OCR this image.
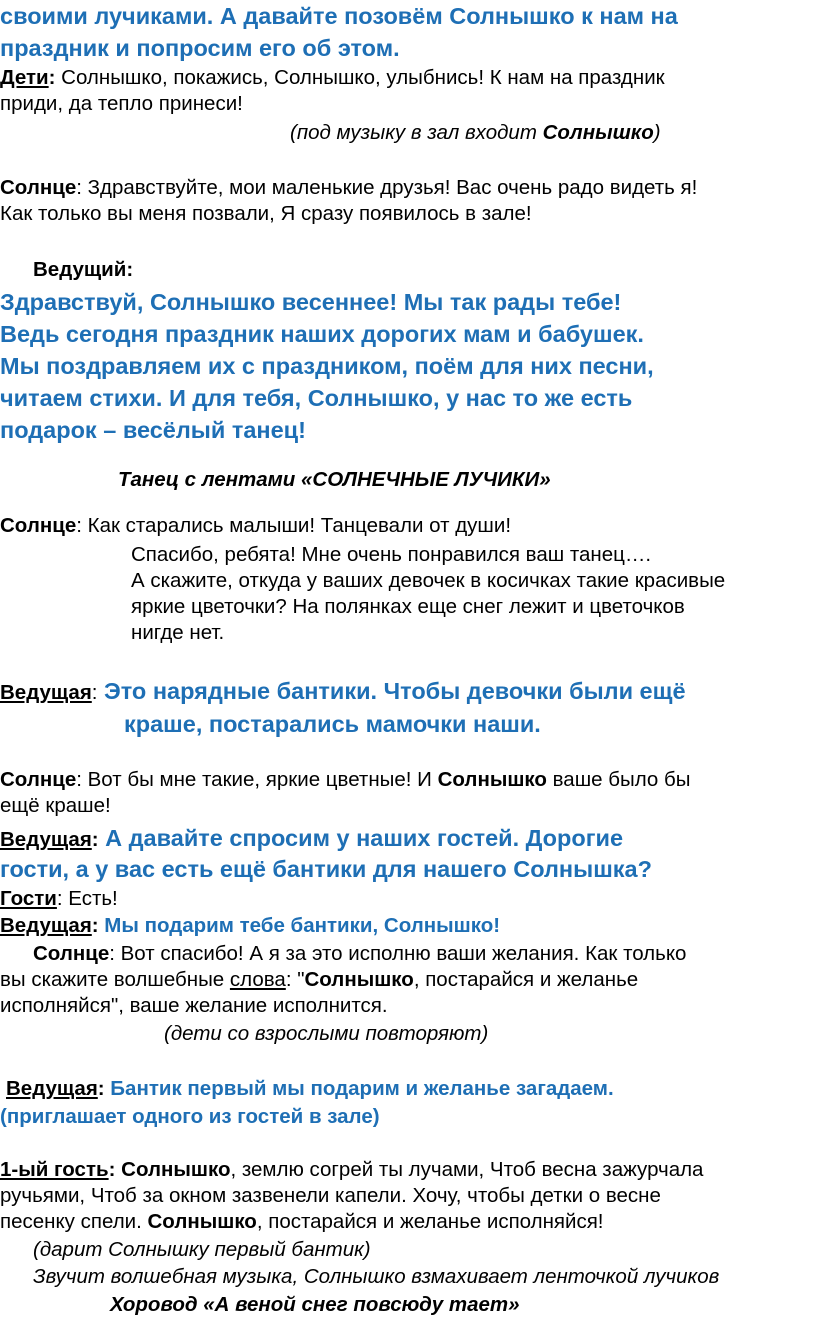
своими лучиками. А давайте позовём Солнышко к нам на
праздник и попросим его об этом.
Дети: Солнышко, покажись, Солнышко, улыбнись! К нам на праздник
приди, да тепло принеси!
(под музыку в зал входит Солнышко)
Солнце: Здравствуйте, мои маленькие друзья! Вас очень радо видеть я!
Как только вы меня позвали, Я сразу появилось в зале!
Ведущий:
Здравствуй, Солнышко весеннее! Мы так рады тебе!
Ведь сегодня праздник наших дорогих мам и бабушек.
Мы поздравляем их с праздником, поём для них песни,
читаем стихи. И для тебя, Солнышко, у нас то же есть
подарок – весёлый танец!
Танец с лентами «СОЛНЕЧНЫЕ ЛУЧИКИ»
Солнце: Как старались малыши! Танцевали от души!
Спасибо, ребята! Мне очень понравился ваш танец….
А скажите, откуда у ваших девочек в косичках такие красивые
яркие цветочки? На полянках еще снег лежит и цветочков
нигде нет.
Ведущая: Это нарядные бантики. Чтобы девочки были ещё
краше, постарались мамочки наши.
Солнце: Вот бы мне такие, яркие цветные! И Солнышко ваше было бы
ещё краше!
Ведущая: А давайте спросим у наших гостей. Дорогие
гости, а у вас есть ещё бантики для нашего Солнышка?
Гости: Есть!
Ведущая: Мы подарим тебе бантики, Солнышко!
Солнце: Вот спасибо! А я за это исполню ваши желания. Как только
вы скажите волшебные слова: "Солнышко, постарайся и желанье
исполняйся", ваше желание исполнится.
(дети со взрослыми повторяют)
Ведущая: Бантик первый мы подарим и желанье загадаем.
(приглашает одного из гостей в зале)
1-ый гость: Солнышко, землю согрей ты лучами, Чтоб весна зажурчала
ручьями, Чтоб за окном зазвенели капели. Хочу, чтобы детки о весне
песенку спели. Солнышко, постарайся и желанье исполняйся!
(дарит Солнышку первый бантик)
Звучит волшебная музыка, Солнышко взмахивает ленточкой лучиков
Хоровод «А веной снег повсюду тает»
